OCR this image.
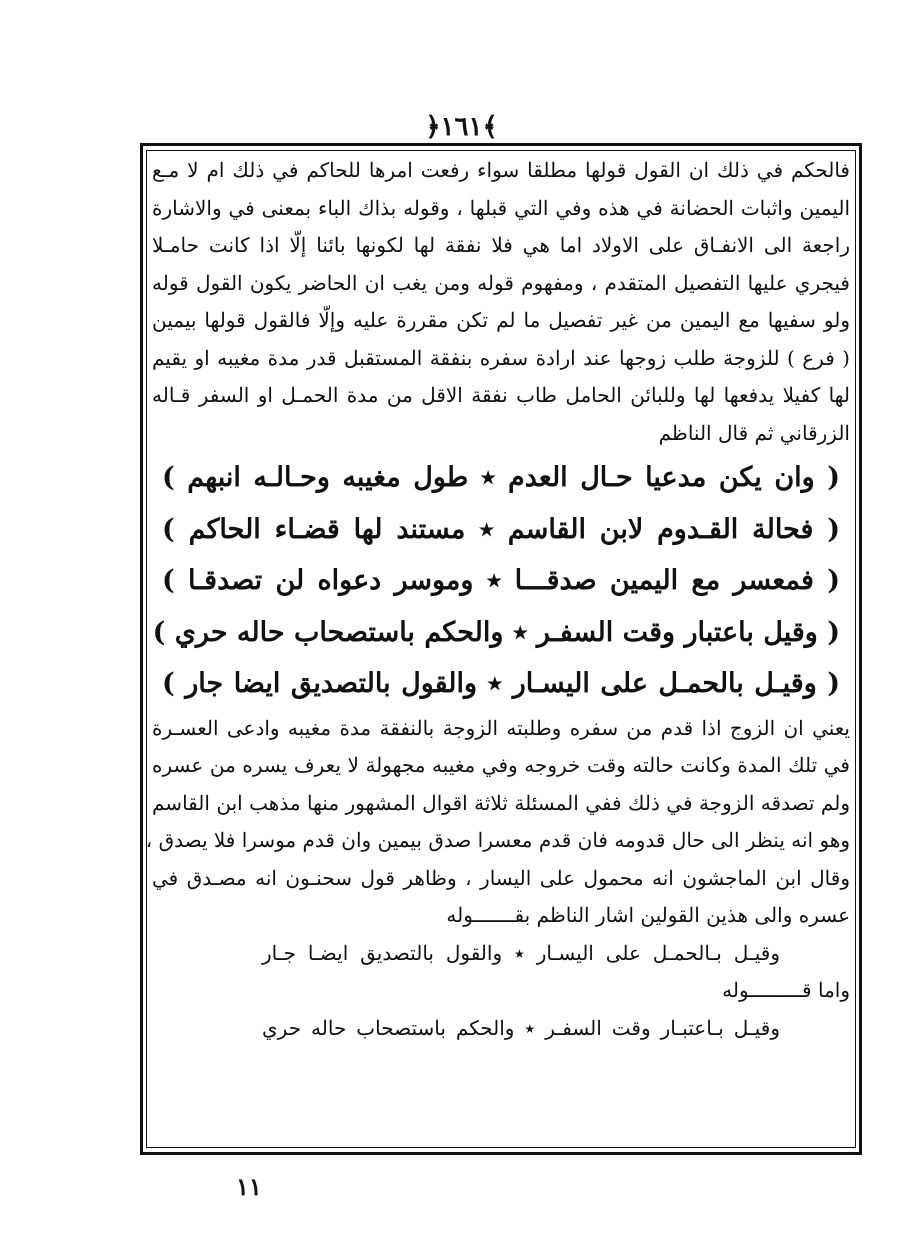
﴿١٦١﴾
فالحكم في ذلك ان القول قولها مطلقا سواء رفعت امرها للحاكم في ذلك ام لا مـع
اليمين واثبات الحضانة في هذه وفي التي قبلها ، وقوله بذاك الباء بمعنى في والاشارة
راجعة الى الانفـاق على الاولاد اما هي فلا نفقة لها لكونها بائنا إلّا اذا كانت حامـلا
فيجري عليها التفصيل المتقدم ، ومفهوم قوله ومن يغب ان الحاضر يكون القول قوله
ولو سفيها مع اليمين من غير تفصيل ما لم تكن مقررة عليه وإلّا فالقول قولها بيمين
( فرع ) للزوجة طلب زوجها عند ارادة سفره بنفقة المستقبل قدر مدة مغيبه او يقيم
لها كفيلا يدفعها لها وللبائن الحامل طاب نفقة الاقل من مدة الحمـل او السفر قـاله
الزرقاني ثم قال الناظم
( وان يكن مدعيا حـال العدم ٭ طول مغيبه وحـالـه انبهم )
( فحالة القـدوم لابن القاسم ٭ مستند لها قضـاء الحاكم )
( فمعسر مع اليمين صدقـــا ٭ وموسر دعواه لن تصدقـا )
( وقيل باعتبار وقت السفـر ٭ والحكم باستصحاب حاله حري )
( وقيـل بالحمـل على اليسـار ٭ والقول بالتصديق ايضا جار )
يعني ان الزوج اذا قدم من سفره وطلبته الزوجة بالنفقة مدة مغيبه وادعى العسـرة
في تلك المدة وكانت حالته وقت خروجه وفي مغيبه مجهولة لا يعرف يسره من عسره
ولم تصدقه الزوجة في ذلك ففي المسئلة ثلاثة اقوال المشهور منها مذهب ابن القاسم
وهو انه ينظر الى حال قدومه فان قدم معسرا صدق بيمين وان قدم موسرا فلا يصدق ،
وقال ابن الماجشون انه محمول على اليسار ، وظاهر قول سحنـون انه مصـدق في
عسره والى هذين القولين اشار الناظم بقـــــــوله
وقيـل بـالحمـل على اليسـار ٭ والقول بالتصديق ايضـا جـار
واما قـــــــــوله
وقيـل بـاعتبـار وقت السفـر ٭ والحكم باستصحاب حاله حري
١١
